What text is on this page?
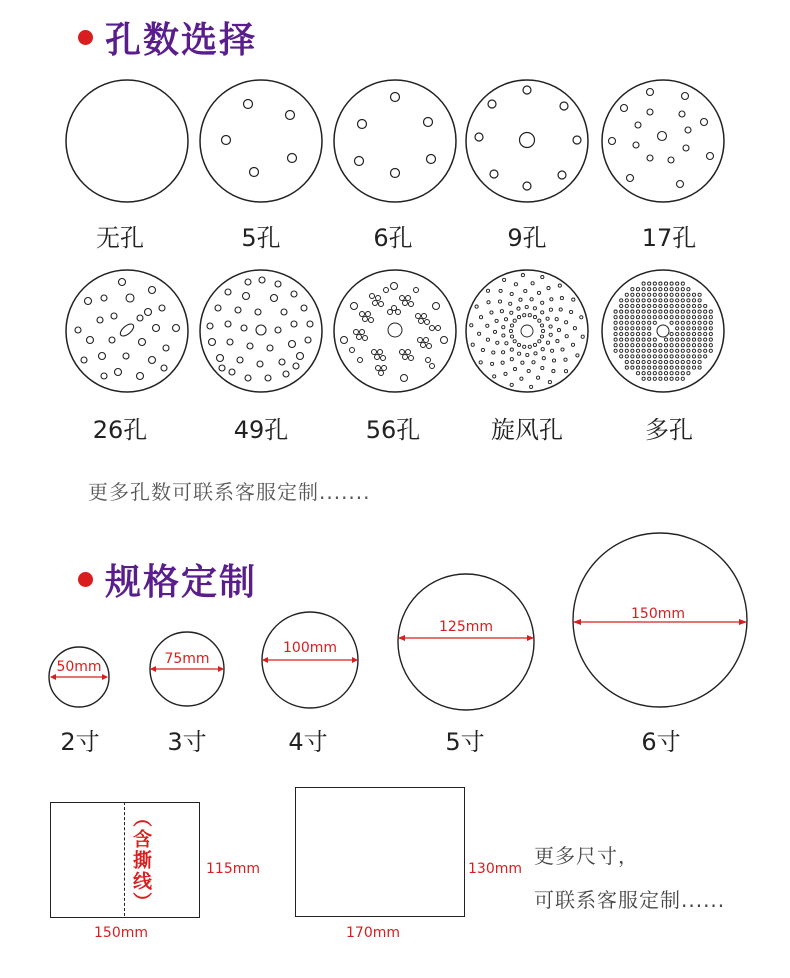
孔数选择
无孔	5孔	6孔	9孔	17孔
26孔	49孔	56孔	旋风孔	多孔
更多孔数可联系客服定制.......
规格定制
50mm
2寸
75mm
3寸
100mm
4寸
125mm
5寸
150mm
6寸
（含撕线）	115mm
150mm
130mm
170mm
更多尺寸，
可联系客服定制......
